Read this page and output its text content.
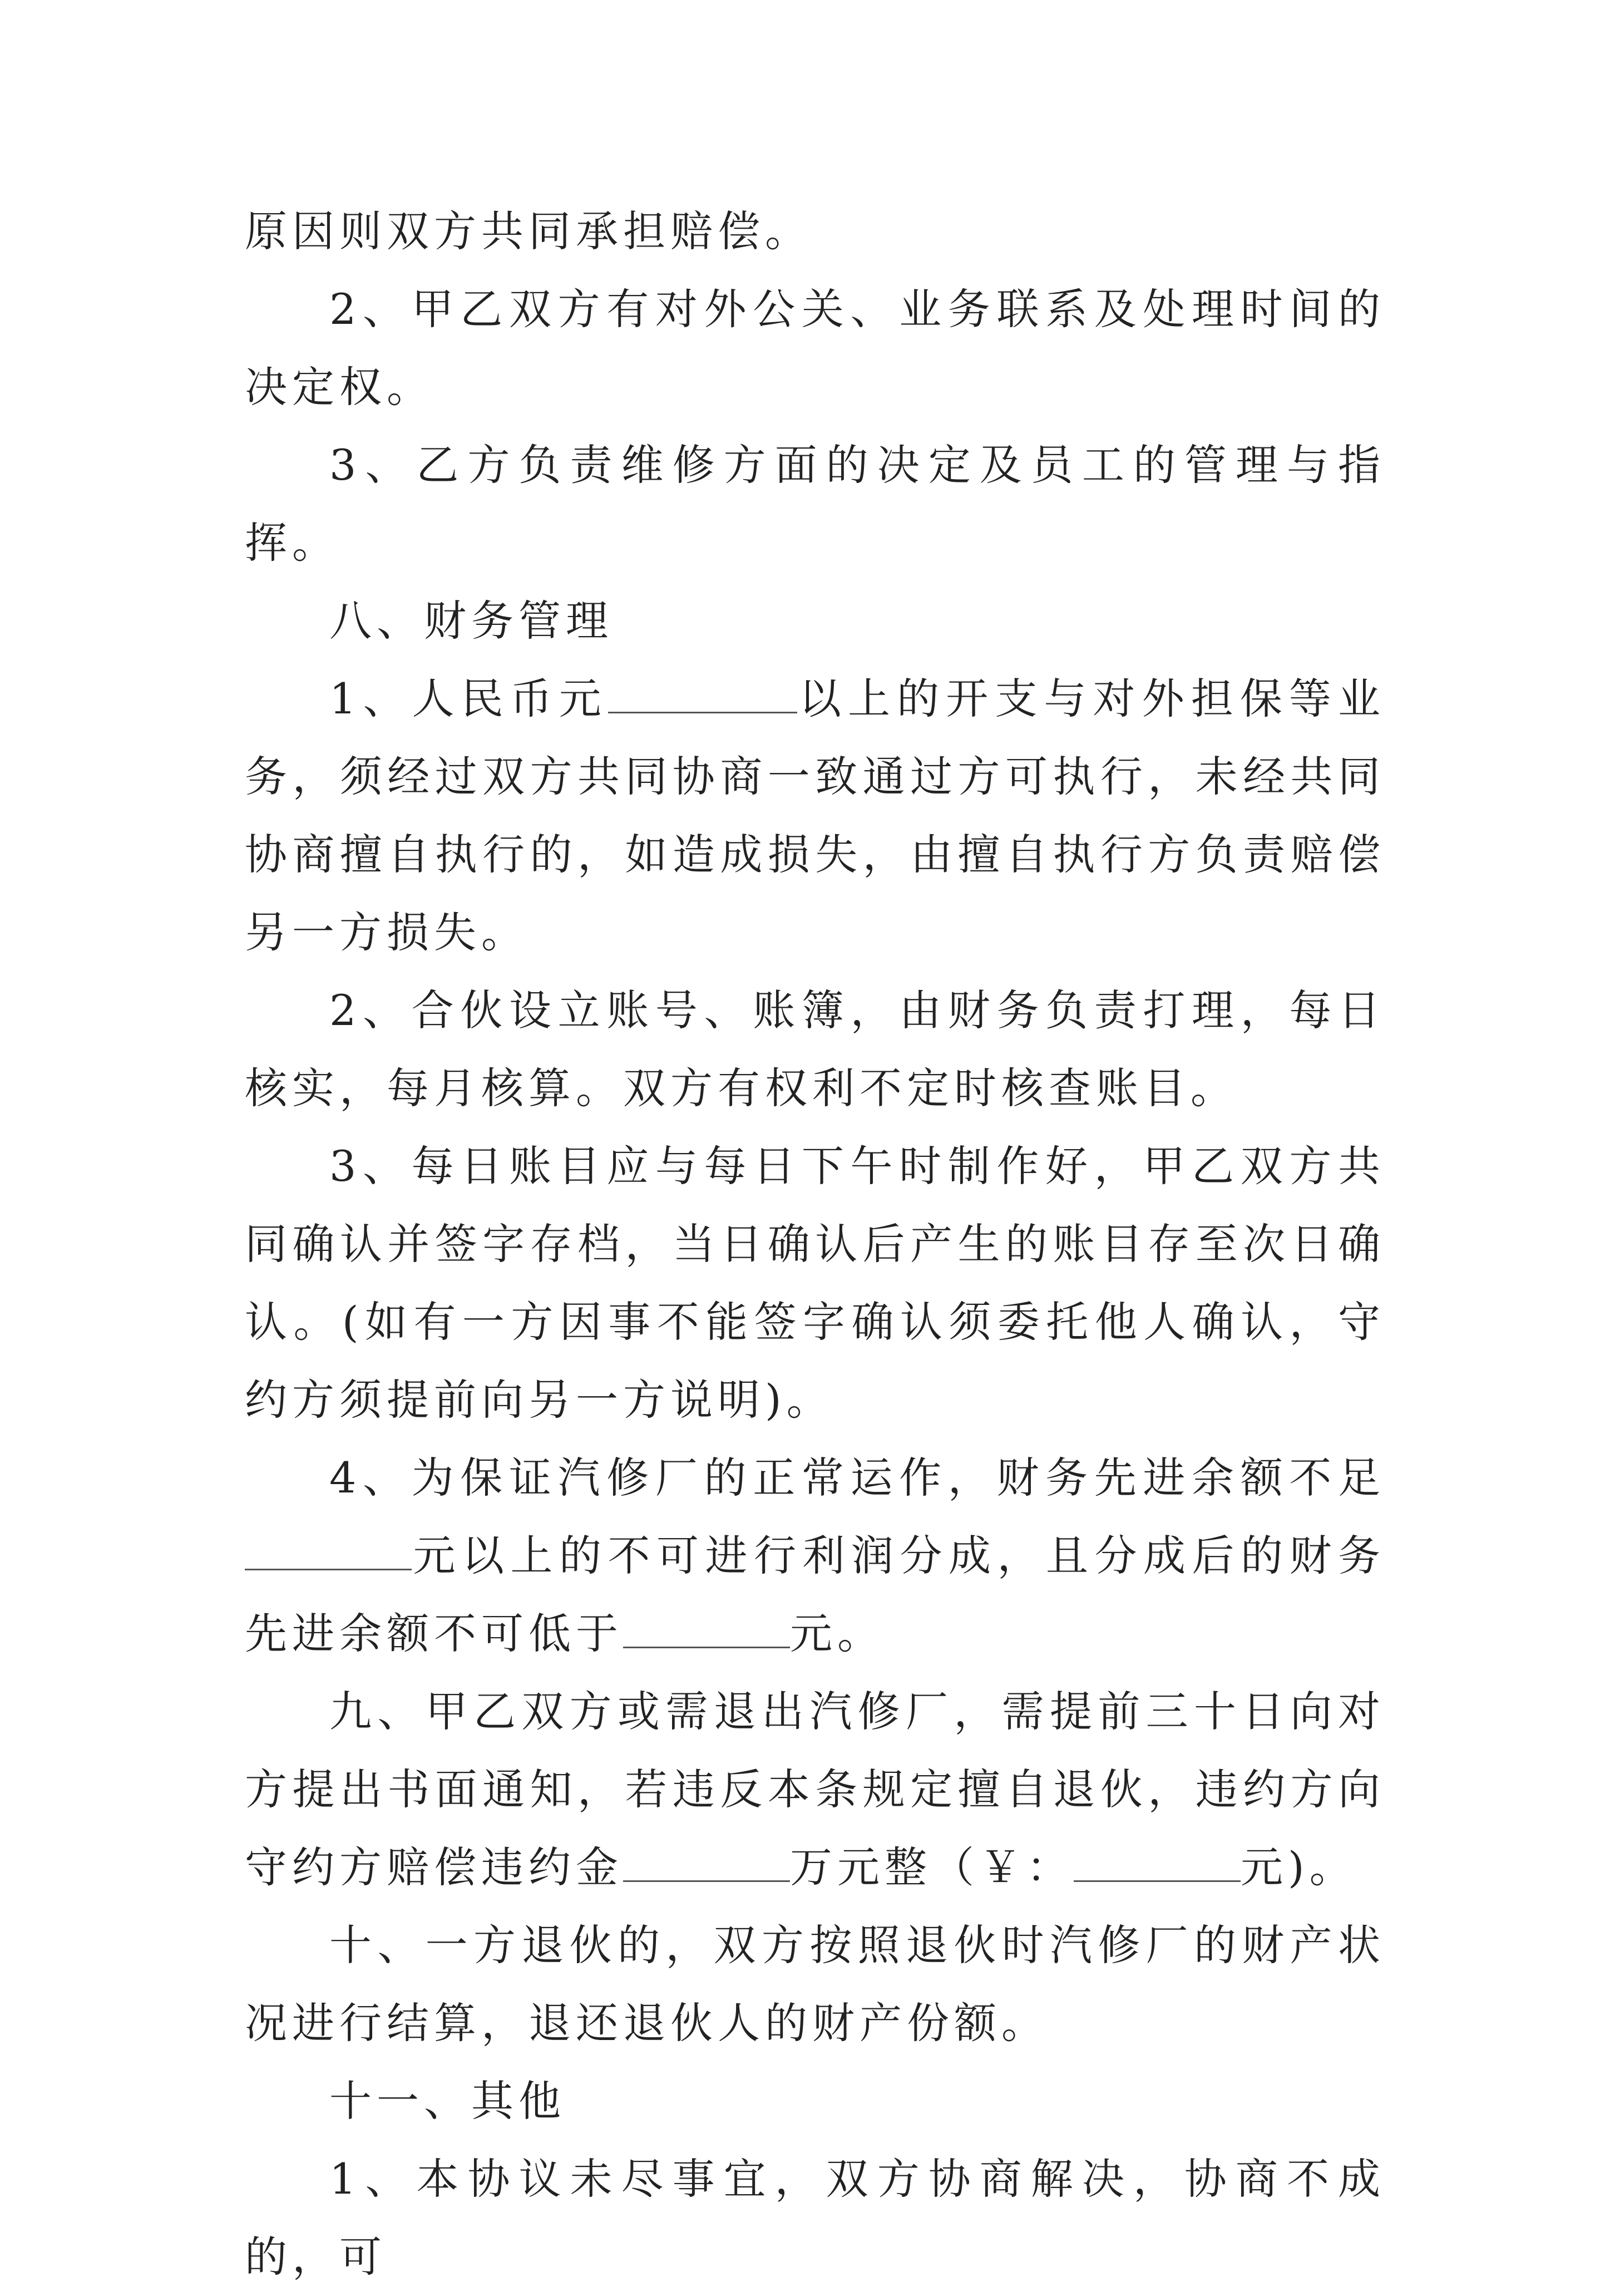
原因则双方共同承担赔偿。

2、甲乙双方有对外公关、业务联系及处理时间的决定权。

3、乙方负责维修方面的决定及员工的管理与指挥。

八、财务管理

1、人民币元	以上的开支与对外担保等业务，须经过双方共同协商一致通过方可执行，未经共同协商擅自执行的，如造成损失，由擅自执行方负责赔偿另一方损失。

2、合伙设立账号、账簿，由财务负责打理，每日核实，每月核算。双方有权利不定时核查账目。

3、每日账目应与每日下午时制作好，甲乙双方共同确认并签字存档，当日确认后产生的账目存至次日确认。(如有一方因事不能签字确认须委托他人确认，守约方须提前向另一方说明)。

4、为保证汽修厂的正常运作，财务先进余额不足元以上的不可进行利润分成，且分成后的财务先进余额不可低于	元。

九、甲乙双方或需退出汽修厂，需提前三十日向对方提出书面通知，若违反本条规定擅自退伙，违约方向守约方赔偿违约金	万元整（￥：	元)。

十、一方退伙的，双方按照退伙时汽修厂的财产状况进行结算，退还退伙人的财产份额。

十一、其他

1、本协议未尽事宜，双方协商解决，协商不成的，可
